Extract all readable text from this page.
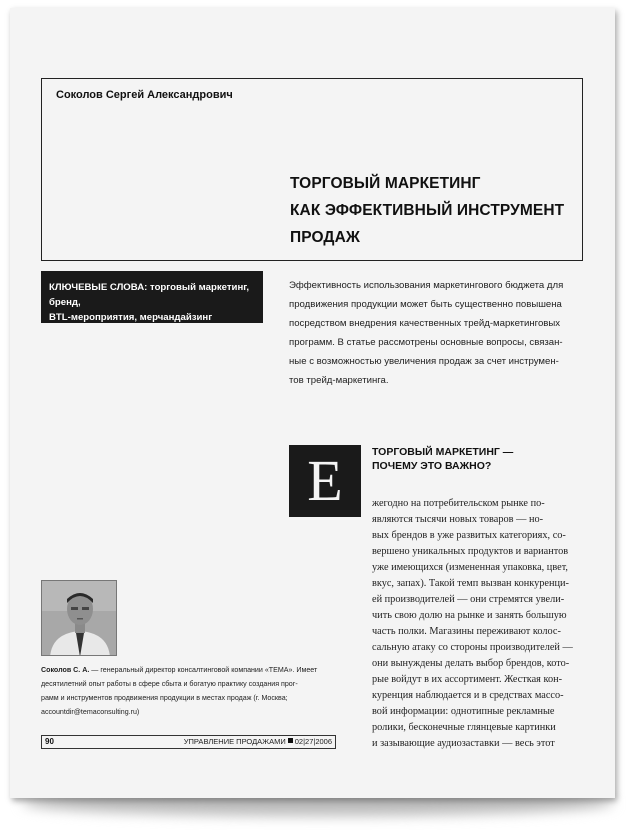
Соколов Сергей Александрович
ТОРГОВЫЙ МАРКЕТИНГ
КАК ЭФФЕКТИВНЫЙ ИНСТРУМЕНТ
ПРОДАЖ
КЛЮЧЕВЫЕ СЛОВА: торговый маркетинг, бренд,
BTL-мероприятия, мерчандайзинг
Эффективность использования маркетингового бюджета для
продвижения продукции может быть существенно повышена
посредством внедрения качественных трейд-маркетинговых
программ. В статье рассмотрены основные вопросы, связан-
ные с возможностью увеличения продаж за счет инструмен-
тов трейд-маркетинга.
Е	ТОРГОВЫЙ МАРКЕТИНГ —
ПОЧЕМУ ЭТО ВАЖНО?
жегодно на потребительском рынке по-
являются тысячи новых товаров — но-
вых брендов в уже развитых категориях, со-
вершено уникальных продуктов и вариантов
уже имеющихся (измененная упаковка, цвет,
вкус, запах). Такой темп вызван конкуренци-
ей производителей — они стремятся увели-
чить свою долю на рынке и занять большую
часть полки. Магазины переживают колос-
сальную атаку со стороны производителей —
они вынуждены делать выбор брендов, кото-
рые войдут в их ассортимент. Жесткая кон-
куренция наблюдается и в средствах массо-
вой информации: однотипные рекламные
ролики, бесконечные глянцевые картинки
и зазывающие аудиозаставки — весь этот
Соколов С. А. — генеральный директор консалтинговой компании «ТЕМА». Имеет
десятилетний опыт работы в сфере сбыта и богатую практику создания прог-
рамм и инструментов продвижения продукции в местах продаж (г. Москва;
accountdir@temaconsulting.ru)
90	УПРАВЛЕНИЕ ПРОДАЖАМИ 02|27|2006
